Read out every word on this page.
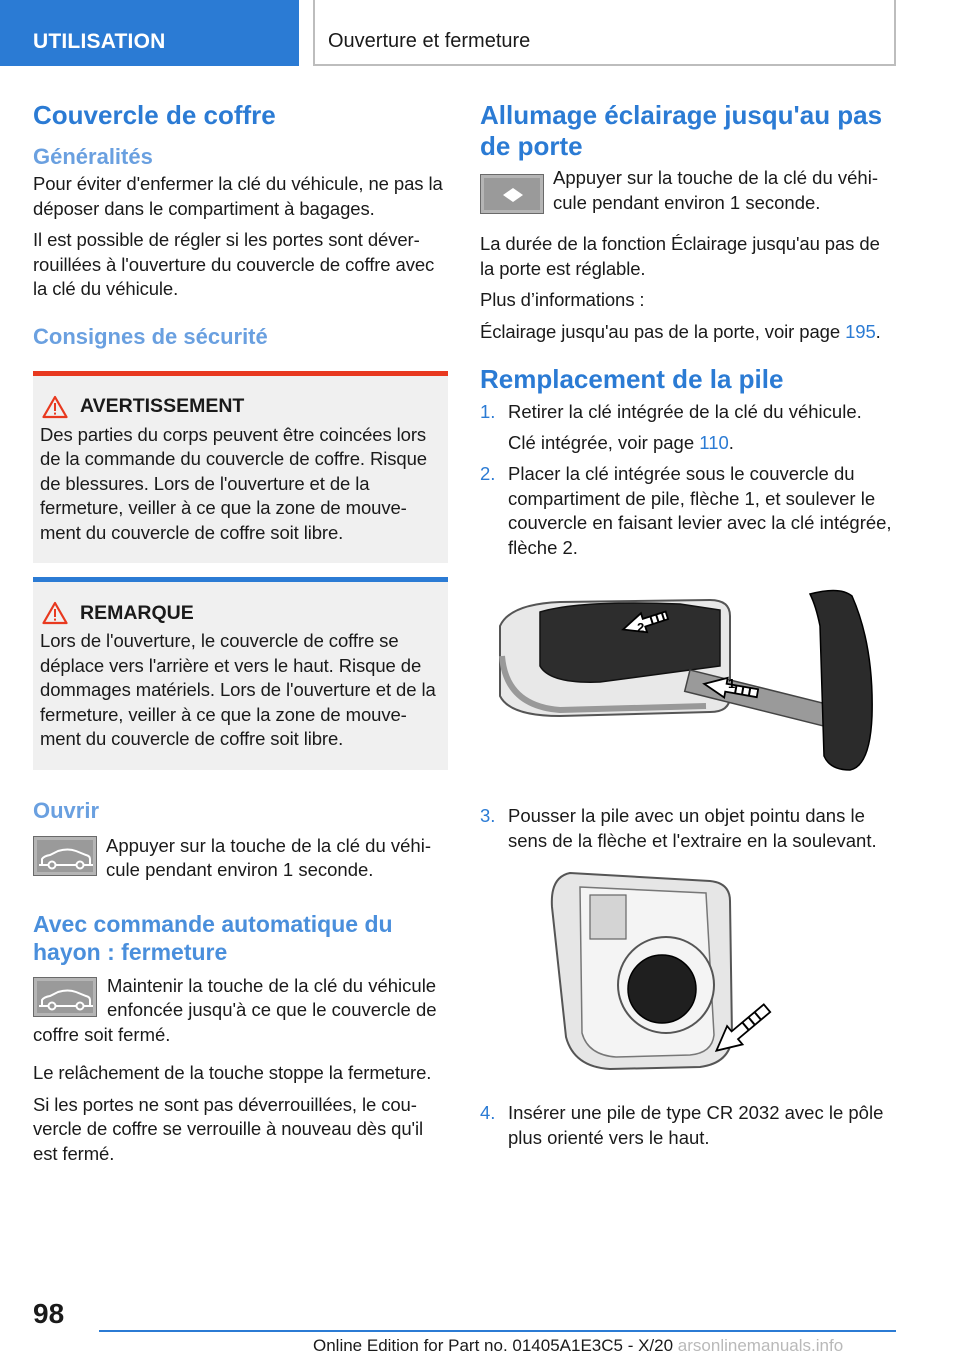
UTILISATION	Ouverture et fermeture
Couvercle de coffre
Généralités

Pour éviter d'enfermer la clé du véhicule, ne pas la déposer dans le compartiment à bagages.

Il est possible de régler si les portes sont déverrouillées à l'ouverture du couvercle de coffre avec la clé du véhicule.

Consignes de sécurité
AVERTISSEMENT

Des parties du corps peuvent être coincées lors de la commande du couvercle de coffre. Risque de blessures. Lors de l'ouverture et de la fermeture, veiller à ce que la zone de mouvement du couvercle de coffre soit libre.

REMARQUE

Lors de l'ouverture, le couvercle de coffre se déplace vers l'arrière et vers le haut. Risque de dommages matériels. Lors de l'ouverture et de la fermeture, veiller à ce que la zone de mouvement du couvercle de coffre soit libre.

Ouvrir
Appuyer sur la touche de la clé du véhicule pendant environ 1 seconde.
Avec commande automatique du hayon : fermeture
Maintenir la touche de la clé du véhicule enfoncée jusqu'à ce que le couvercle de coffre soit fermé.

Le relâchement de la touche stoppe la fermeture.

Si les portes ne sont pas déverrouillées, le couvercle de coffre se verrouille à nouveau dès qu'il est fermé.

Allumage éclairage jusqu'au pas de porte
Appuyer sur la touche de la clé du véhicule pendant environ 1 seconde.

La durée de la fonction Éclairage jusqu'au pas de la porte est réglable.

Plus d’informations :

Éclairage jusqu'au pas de la porte, voir page 195.

Remplacement de la pile
1. Retirer la clé intégrée de la clé du véhicule.
Clé intégrée, voir page 110.
2. Placer la clé intégrée sous le couvercle du compartiment de pile, flèche 1, et soulever le couvercle en faisant levier avec la clé intégrée, flèche 2.
2
1
3. Pousser la pile avec un objet pointu dans le sens de la flèche et l'extraire en la soulevant.
4. Insérer une pile de type CR 2032 avec le pôle plus orienté vers le haut.
98
Online Edition for Part no. 01405A1E3C5 - X/20 arsonlinemanuals.info
